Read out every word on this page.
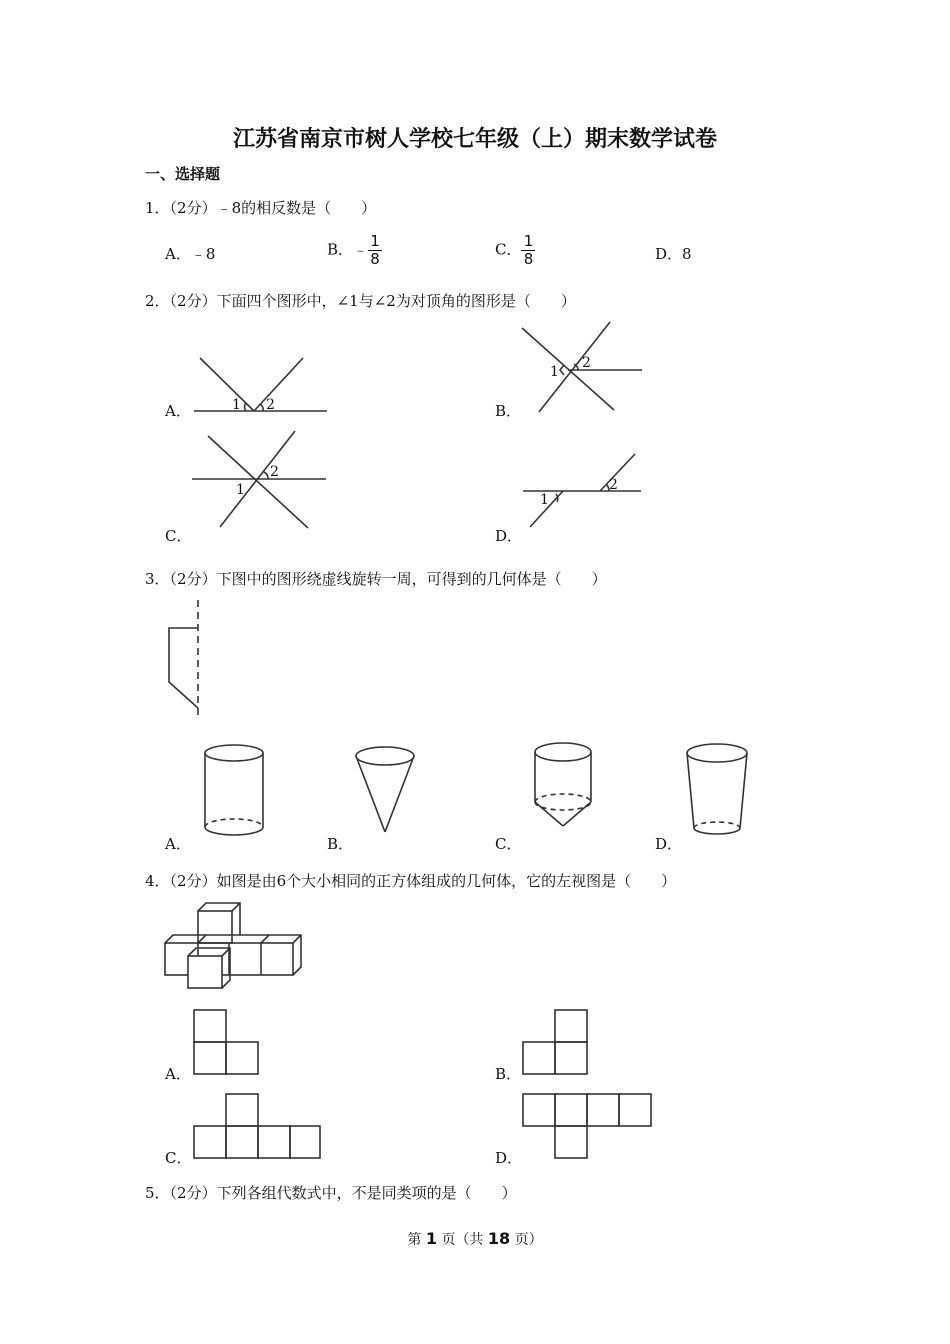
江苏省南京市树人学校七年级（上）期末数学试卷
一、选择题
1．（2分）﹣8的相反数是（　　）
A．﹣8	B．﹣ $\frac{1}{8}$	C． $\frac{1}{8}$	D．8
2．（2分）下面四个图形中，∠1与∠2为对顶角的图形是（　　）
A．	1 2	B．
1
2
C．
1
2
D．
1
2
3．（2分）下图中的图形绕虚线旋转一周，可得到的几何体是（　　）
A．	B．	C．	D．
4．（2分）如图是由6个大小相同的正方体组成的几何体，它的左视图是（　　）
A．	B．
C．	D．
5．（2分）下列各组代数式中，不是同类项的是（　　）
第 1 页（共 18 页）
